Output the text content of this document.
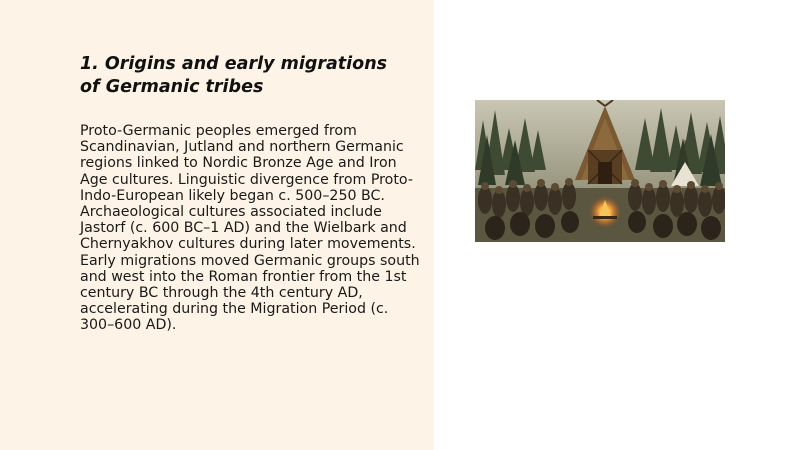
1. Origins and early migrations of Germanic tribes

Proto-Germanic peoples emerged from Scandinavian, Jutland and northern Germanic regions linked to Nordic Bronze Age and Iron Age cultures. Linguistic divergence from Proto-Indo-European likely began c. 500–250 BC. Archaeological cultures associated include Jastorf (c. 600 BC–1 AD) and the Wielbark and Chernyakhov cultures during later movements. Early migrations moved Germanic groups south and west into the Roman frontier from the 1st century BC through the 4th century AD, accelerating during the Migration Period (c. 300–600 AD).
